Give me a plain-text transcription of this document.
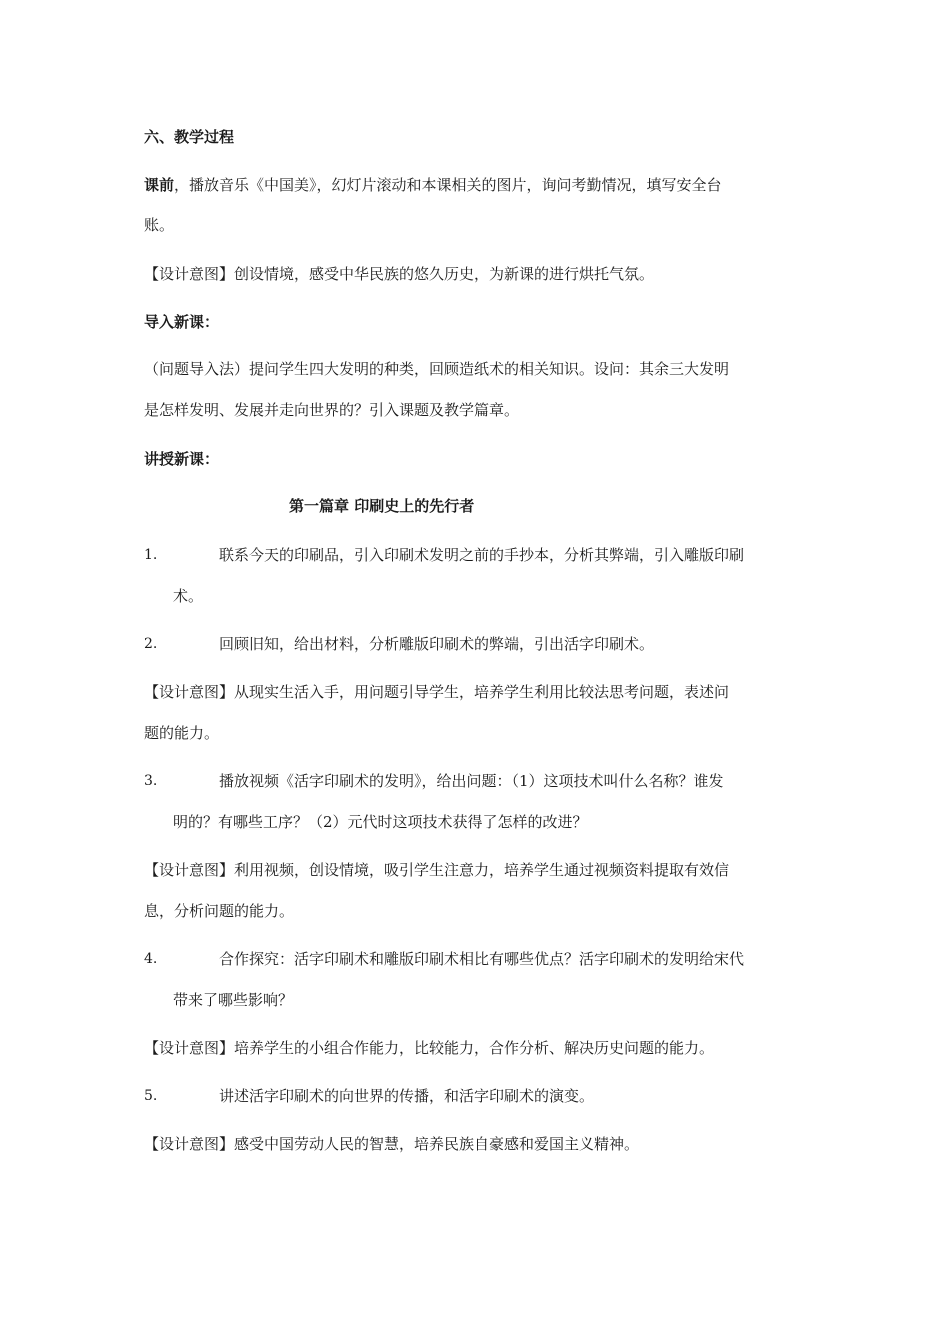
六、教学过程
课前，播放音乐《中国美》，幻灯片滚动和本课相关的图片，询问考勤情况，填写安全台
账。
【设计意图】创设情境，感受中华民族的悠久历史，为新课的进行烘托气氛。
导入新课：
（问题导入法）提问学生四大发明的种类，回顾造纸术的相关知识。设问：其余三大发明
是怎样发明、发展并走向世界的？引入课题及教学篇章。
讲授新课：
第一篇章 印刷史上的先行者
1.	联系今天的印刷品，引入印刷术发明之前的手抄本，分析其弊端，引入雕版印刷
术。
2.	回顾旧知，给出材料，分析雕版印刷术的弊端，引出活字印刷术。
【设计意图】从现实生活入手，用问题引导学生，培养学生利用比较法思考问题，表述问
题的能力。
3.	播放视频《活字印刷术的发明》，给出问题：（1）这项技术叫什么名称？谁发
明的？有哪些工序？（2）元代时这项技术获得了怎样的改进？
【设计意图】利用视频，创设情境，吸引学生注意力，培养学生通过视频资料提取有效信
息，分析问题的能力。
4.	合作探究：活字印刷术和雕版印刷术相比有哪些优点？活字印刷术的发明给宋代
带来了哪些影响？
【设计意图】培养学生的小组合作能力，比较能力，合作分析、解决历史问题的能力。
5.	讲述活字印刷术的向世界的传播，和活字印刷术的演变。
【设计意图】感受中国劳动人民的智慧，培养民族自豪感和爱国主义精神。
